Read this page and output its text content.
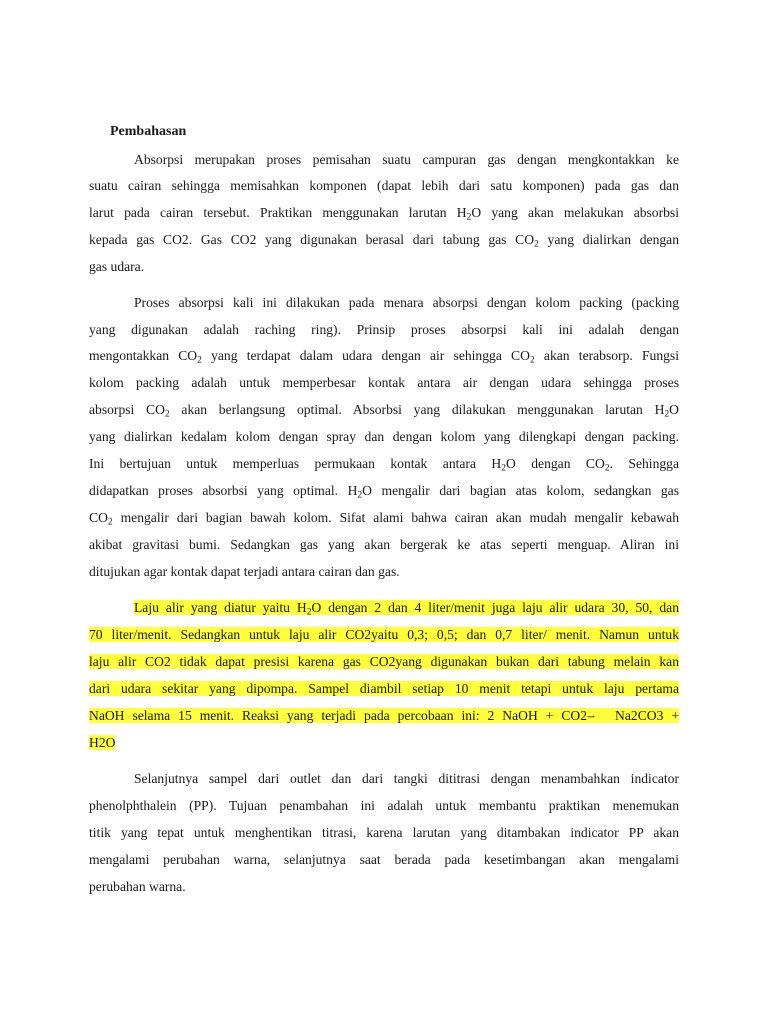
Pembahasan
Absorpsi merupakan proses pemisahan suatu campuran gas dengan mengkontakkan ke
suatu cairan sehingga memisahkan komponen (dapat lebih dari satu komponen) pada gas dan
larut pada cairan tersebut. Praktikan menggunakan larutan $H_2O$ yang akan melakukan absorbsi
kepada gas CO2. Gas CO2 yang digunakan berasal dari tabung gas $CO_2$ yang dialirkan dengan
gas udara.
Proses absorpsi kali ini dilakukan pada menara absorpsi dengan kolom packing (packing
yang digunakan adalah raching ring). Prinsip proses absorpsi kali ini adalah dengan
mengontakkan $CO_2$ yang terdapat dalam udara dengan air sehingga $CO_2$ akan terabsorp. Fungsi
kolom packing adalah untuk memperbesar kontak antara air dengan udara sehingga proses
absorpsi $CO_2$ akan berlangsung optimal. Absorbsi yang dilakukan menggunakan larutan $H_2O$
yang dialirkan kedalam kolom dengan spray dan dengan kolom yang dilengkapi dengan packing.
Ini bertujuan untuk memperluas permukaan kontak antara $H_2O$ dengan $CO_2$. Sehingga
didapatkan proses absorbsi yang optimal. $H_2O$ mengalir dari bagian atas kolom, sedangkan gas
$CO_2$ mengalir dari bagian bawah kolom. Sifat alami bahwa cairan akan mudah mengalir kebawah
akibat gravitasi bumi. Sedangkan gas yang akan bergerak ke atas seperti menguap. Aliran ini
ditujukan agar kontak dapat terjadi antara cairan dan gas.
Laju alir yang diatur yaitu $H_2O$ dengan 2 dan 4 liter/menit juga laju alir udara 30, 50, dan
70 liter/menit. Sedangkan untuk laju alir CO2yaitu 0,3; 0,5; dan 0,7 liter/ menit. Namun untuk
laju alir CO2 tidak dapat presisi karena gas CO2yang digunakan bukan dari tabung melain kan
dari udara sekitar yang dipompa. Sampel diambil setiap 10 menit tetapi untuk laju pertama
NaOH selama 15 menit. Reaksi yang terjadi pada percobaan ini: 2 NaOH + CO2⇀ Na2CO3 +
H2O
Selanjutnya sampel dari outlet dan dari tangki dititrasi dengan menambahkan indicator
phenolphthalein (PP). Tujuan penambahan ini adalah untuk membantu praktikan menemukan
titik yang tepat untuk menghentikan titrasi, karena larutan yang ditambakan indicator PP akan
mengalami perubahan warna, selanjutnya saat berada pada kesetimbangan akan mengalami
perubahan warna.
